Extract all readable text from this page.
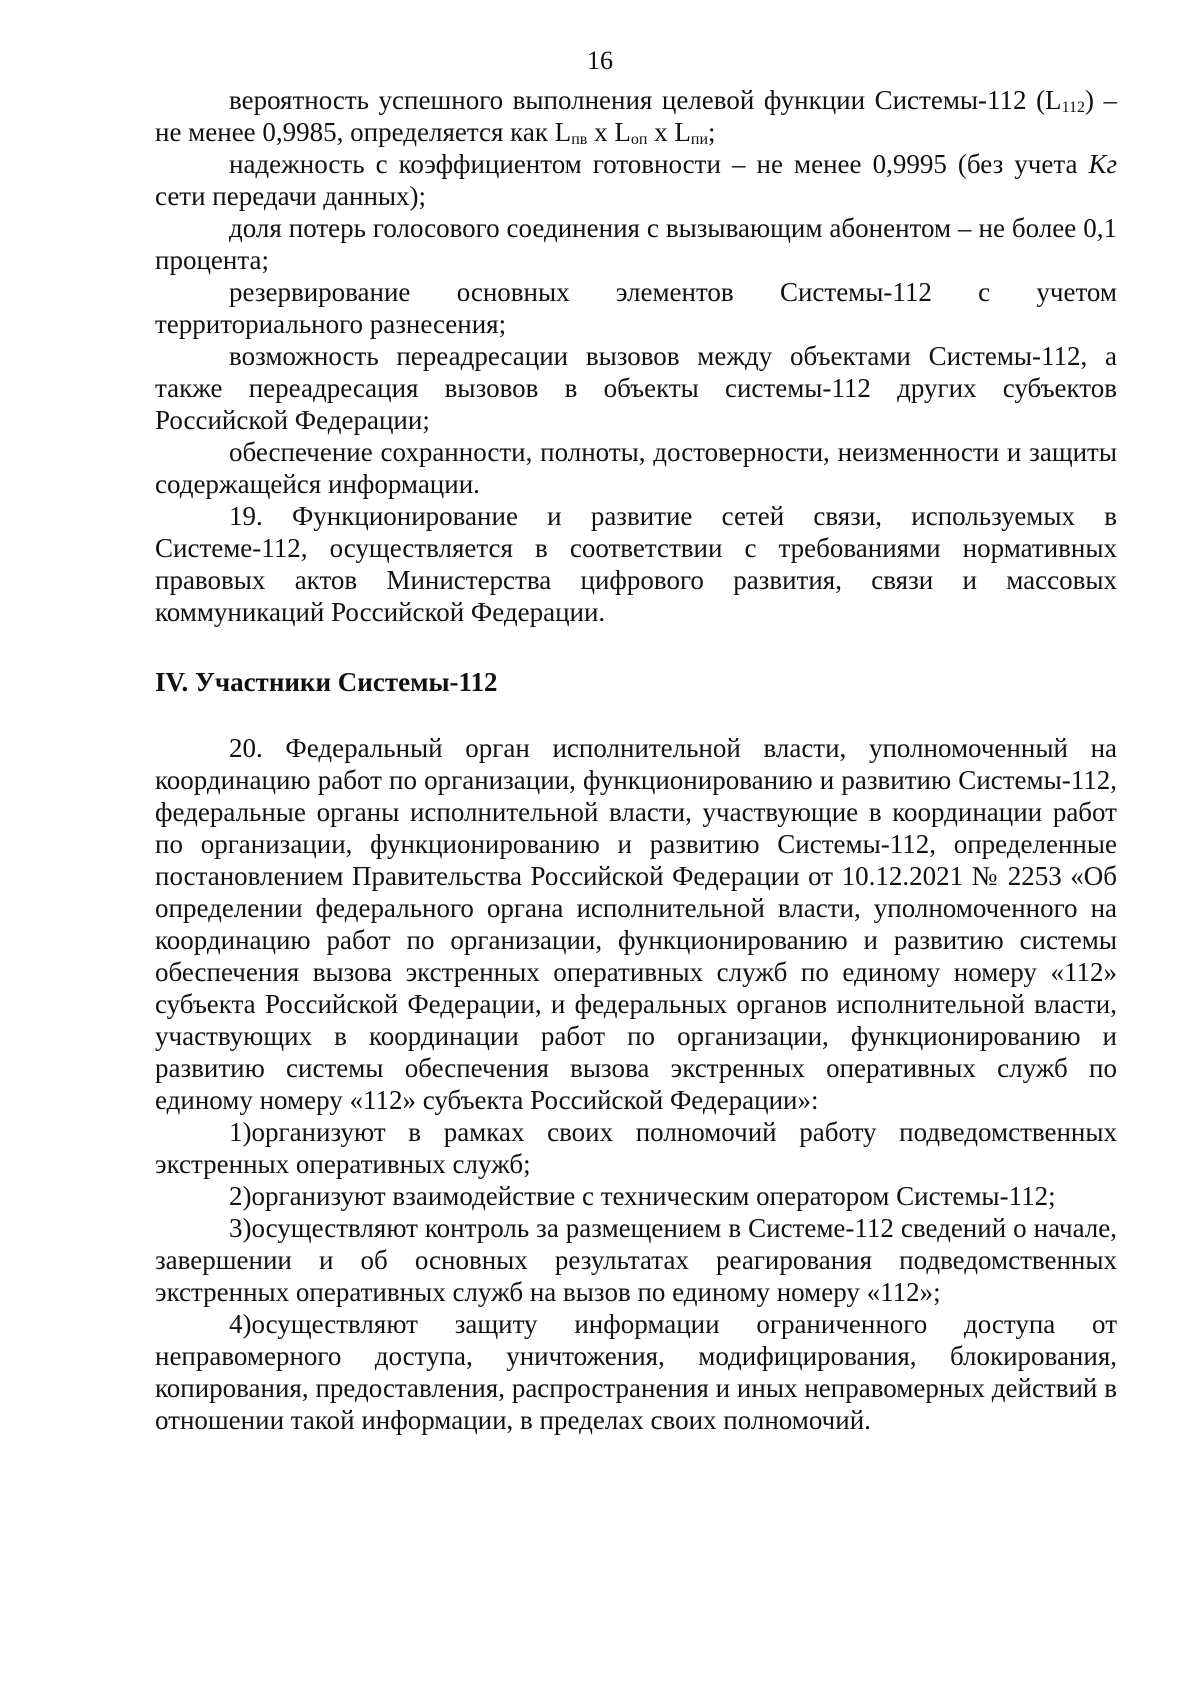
16

вероятность успешного выполнения целевой функции Системы-112 $(L_{112})$ – не менее 0,9985, определяется как $L_{пв}$ x $L_{оп}$ x $L_{пи}$;

надежность с коэффициентом готовности – не менее 0,9995 (без учета Кг сети передачи данных);

доля потерь голосового соединения с вызывающим абонентом – не более 0,1 процента;

резервирование основных элементов Системы-112 с учетом территориального разнесения;

возможность переадресации вызовов между объектами Системы-112, а также переадресация вызовов в объекты системы-112 других субъектов Российской Федерации;

обеспечение сохранности, полноты, достоверности, неизменности и защиты содержащейся информации.

19. Функционирование и развитие сетей связи, используемых в Системе-112, осуществляется в соответствии с требованиями нормативных правовых актов Министерства цифрового развития, связи и массовых коммуникаций Российской Федерации.

IV. Участники Системы-112

20. Федеральный орган исполнительной власти, уполномоченный на координацию работ по организации, функционированию и развитию Системы-112, федеральные органы исполнительной власти, участвующие в координации работ по организации, функционированию и развитию Системы-112, определенные постановлением Правительства Российской Федерации от 10.12.2021 № 2253 «Об определении федерального органа исполнительной власти, уполномоченного на координацию работ по организации, функционированию и развитию системы обеспечения вызова экстренных оперативных служб по единому номеру «112» субъекта Российской Федерации, и федеральных органов исполнительной власти, участвующих в координации работ по организации, функционированию и развитию системы обеспечения вызова экстренных оперативных служб по единому номеру «112» субъекта Российской Федерации»:

1)организуют в рамках своих полномочий работу подведомственных экстренных оперативных служб;

2)организуют взаимодействие с техническим оператором Системы-112;

3)осуществляют контроль за размещением в Системе-112 сведений о начале, завершении и об основных результатах реагирования подведомственных экстренных оперативных служб на вызов по единому номеру «112»;

4)осуществляют защиту информации ограниченного доступа от неправомерного доступа, уничтожения, модифицирования, блокирования, копирования, предоставления, распространения и иных неправомерных действий в отношении такой информации, в пределах своих полномочий.
